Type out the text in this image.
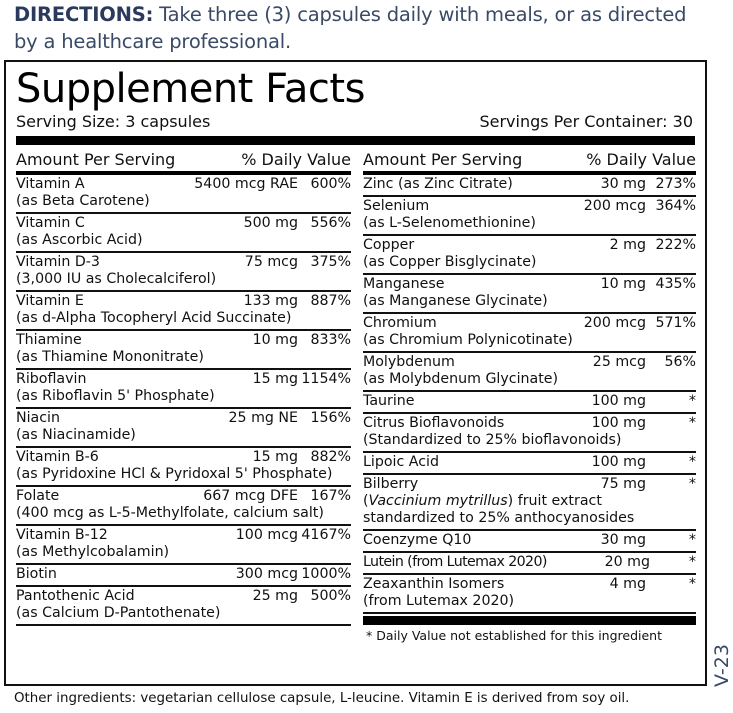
DIRECTIONS: Take three (3) capsules daily with meals, or as directed by a healthcare professional.
Supplement Facts
Serving Size: 3 capsules	Servings Per Container: 30
Amount Per Serving	% Daily Value
Vitamin A	5400 mcg RAE 600%
(as Beta Carotene)
Vitamin C	500 mg 556%
(as Ascorbic Acid)
Vitamin D-3	75 mcg 375%
(3,000 IU as Cholecalciferol)
Vitamin E	133 mg 887%
(as d-Alpha Tocopheryl Acid Succinate)
Thiamine	10 mg 833%
(as Thiamine Mononitrate)
Riboflavin	15 mg 1154%
(as Riboflavin 5' Phosphate)
Niacin	25 mg NE 156%
(as Niacinamide)
Vitamin B-6	15 mg 882%
(as Pyridoxine HCl & Pyridoxal 5' Phosphate)
Folate	667 mcg DFE 167%
(400 mcg as L-5-Methylfolate, calcium salt)
Vitamin B-12	100 mcg 4167%
(as Methylcobalamin)
Biotin	300 mcg 1000%
Pantothenic Acid	25 mg 500%
(as Calcium D-Pantothenate)
Amount Per Serving	% Daily Value
Zinc (as Zinc Citrate)	30 mg 273%
Selenium	200 mcg 364%
(as L-Selenomethionine)
Copper	2 mg 222%
(as Copper Bisglycinate)
Manganese	10 mg 435%
(as Manganese Glycinate)
Chromium	200 mcg 571%
(as Chromium Polynicotinate)
Molybdenum	25 mcg	56%
(as Molybdenum Glycinate)
Taurine	100 mg	*
Citrus Bioflavonoids	100 mg	*
(Standardized to 25% bioflavonoids)
Lipoic Acid	100 mg	*
Bilberry	75 mg	*
(Vaccinium mytrillus) fruit extract
standardized to 25% anthocyanosides
Coenzyme Q10	30 mg	*
Lutein (from Lutemax 2020)	20 mg	*
Zeaxanthin Isomers	4 mg	*
(from Lutemax 2020)
* Daily Value not established for this ingredient
Other ingredients: vegetarian cellulose capsule, L-leucine. Vitamin E is derived from soy oil.
V-23
